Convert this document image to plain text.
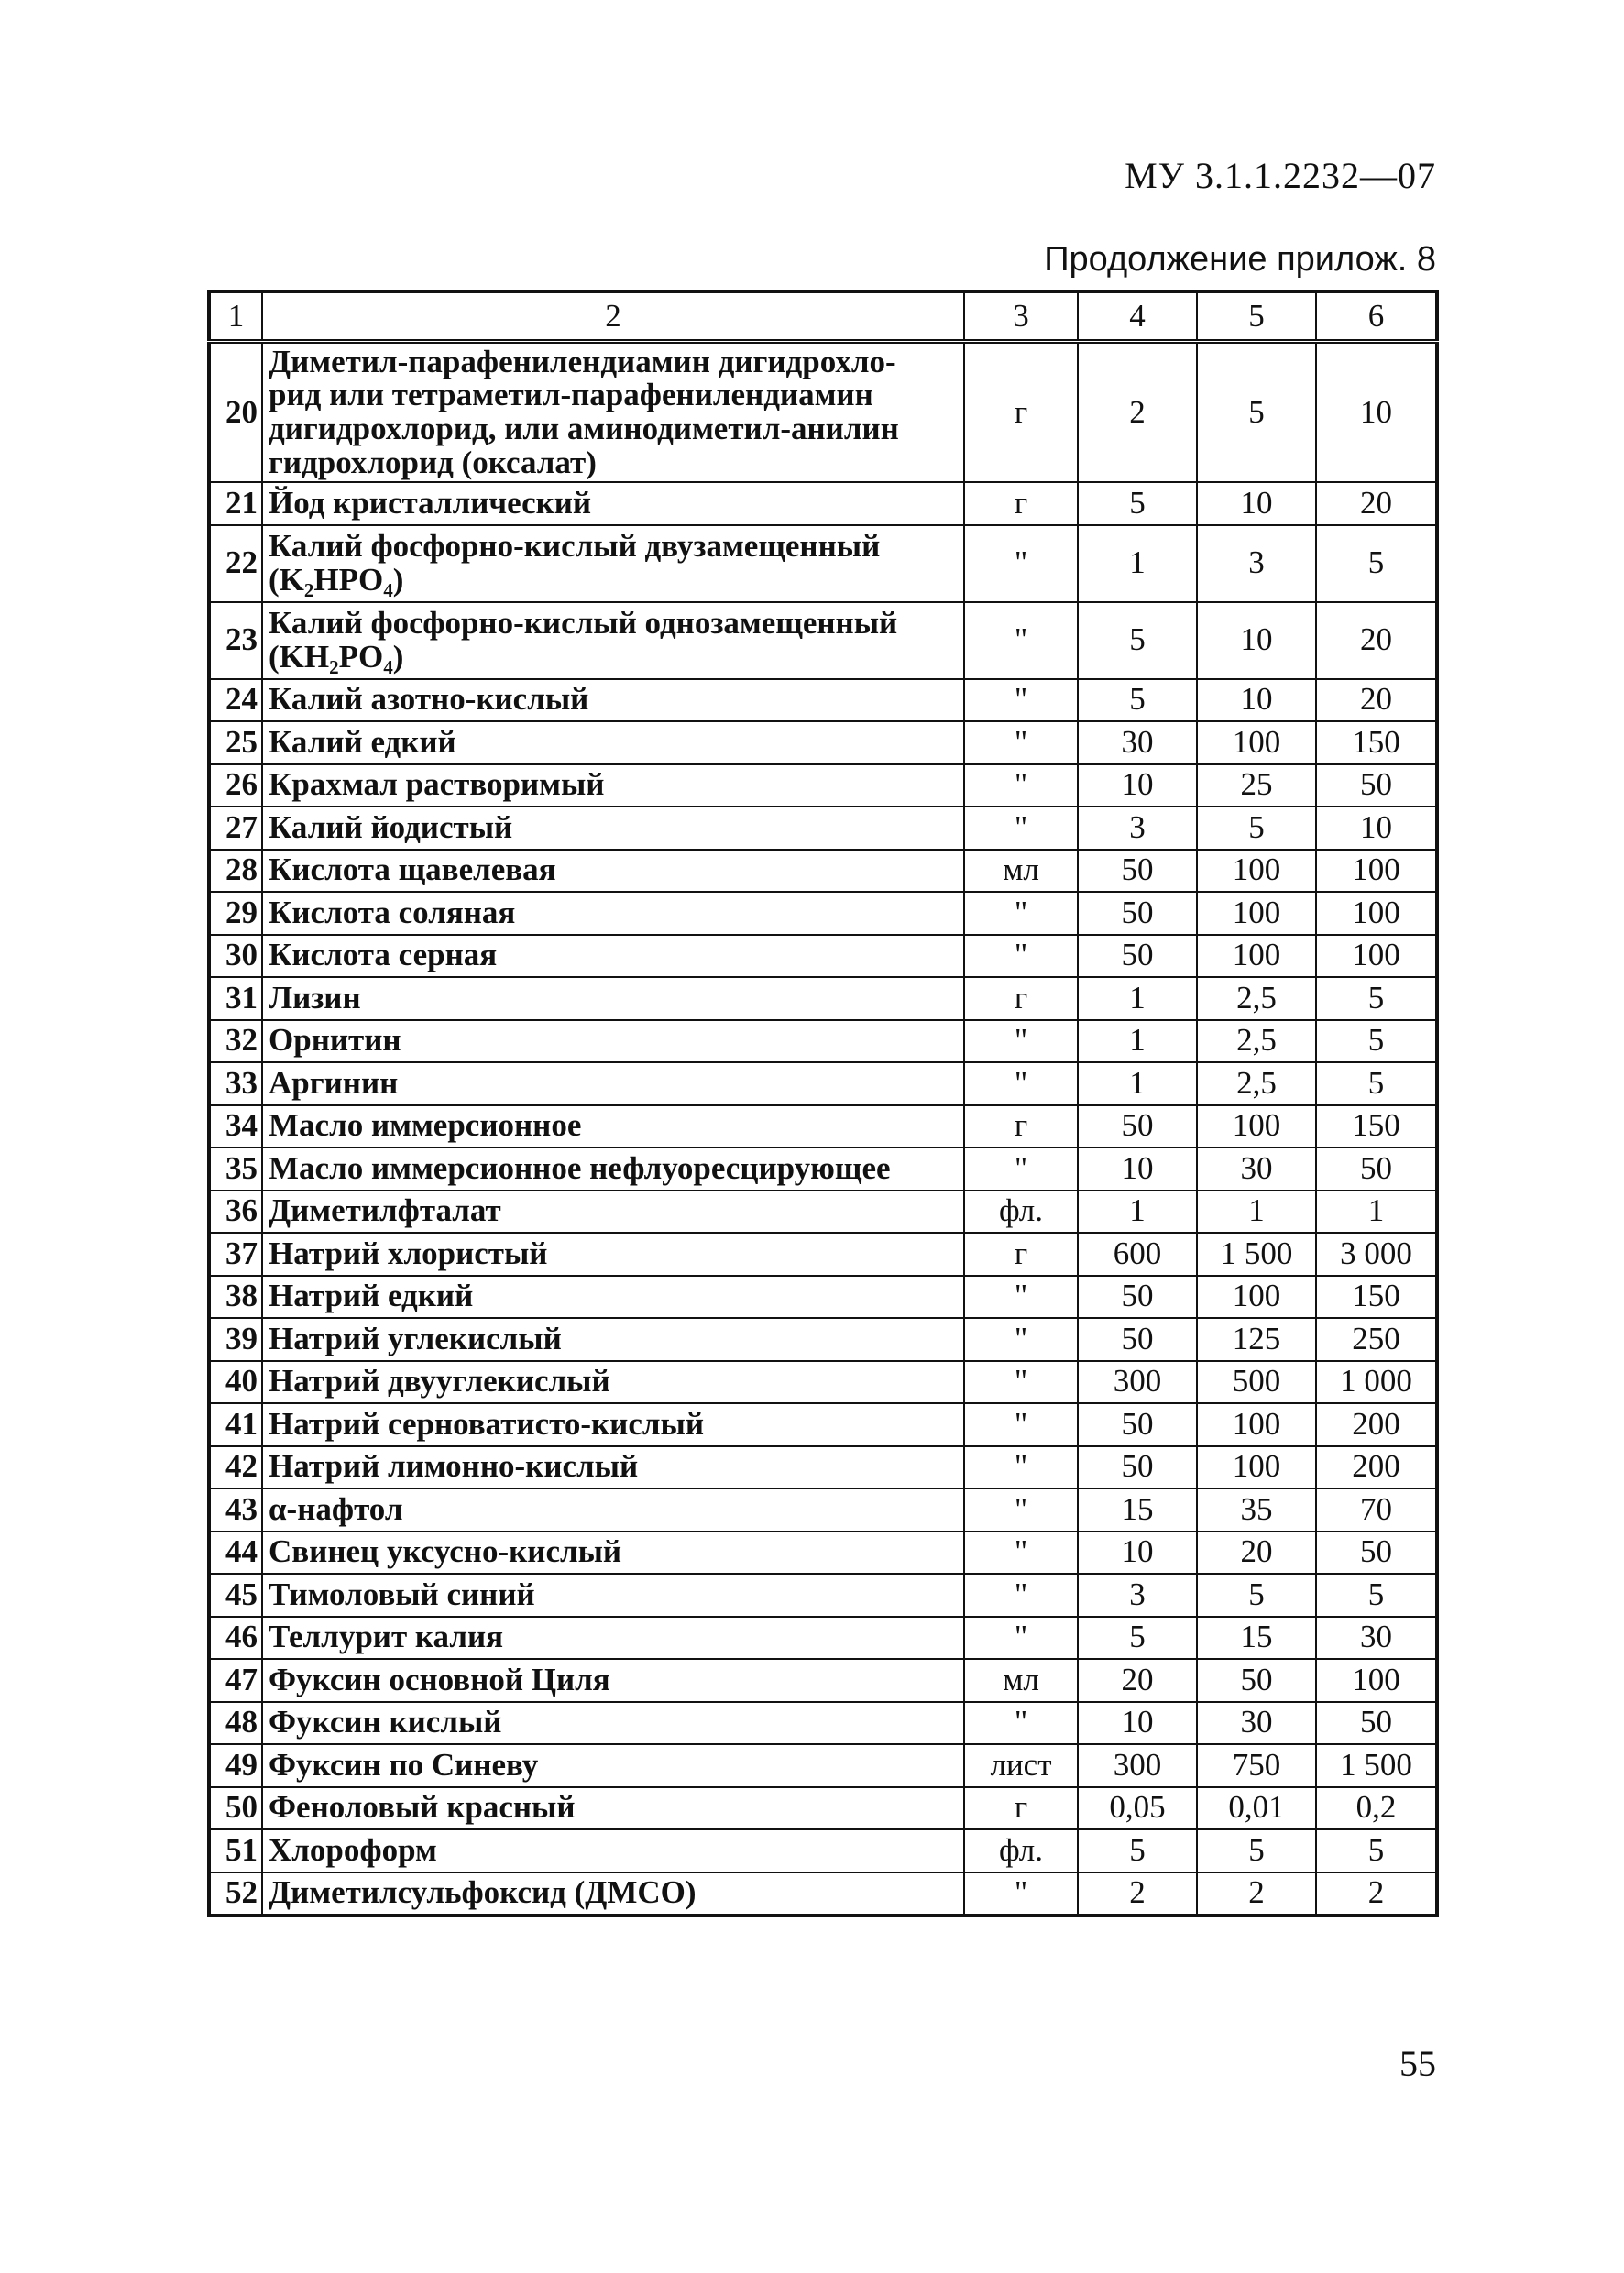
МУ 3.1.1.2232—07
Продолжение прилож. 8
1	2	3	4	5	6
20	Диметил-парафенилендиамин дигидрохло-
рид или тетраметил-парафенилендиамин
дигидрохлорид, или аминодиметил-анилин
гидрохлорид (оксалат)	г	2	5	10
21	Йод кристаллический	г	5	10	20
22	Калий фосфорно-кислый двузамещенный
(K₂HPO₄)	"	1	3	5
23	Калий фосфорно-кислый однозамещенный
(KH₂PO₄)	"	5	10	20
24	Калий азотно-кислый	"	5	10	20
25	Калий едкий	"	30	100	150
26	Крахмал растворимый	"	10	25	50
27	Калий йодистый	"	3	5	10
28	Кислота щавелевая	мл	50	100	100
29	Кислота соляная	"	50	100	100
30	Кислота серная	"	50	100	100
31	Лизин	г	1	2,5	5
32	Орнитин	"	1	2,5	5
33	Аргинин	"	1	2,5	5
34	Масло иммерсионное	г	50	100	150
35	Масло иммерсионное нефлуоресцирующее	"	10	30	50
36	Диметилфталат	фл.	1	1	1
37	Натрий хлористый	г	600	1 500	3 000
38	Натрий едкий	"	50	100	150
39	Натрий углекислый	"	50	125	250
40	Натрий двууглекислый	"	300	500	1 000
41	Натрий серноватисто-кислый	"	50	100	200
42	Натрий лимонно-кислый	"	50	100	200
43	α-нафтол	"	15	35	70
44	Свинец уксусно-кислый	"	10	20	50
45	Тимоловый синий	"	3	5	5
46	Теллурит калия	"	5	15	30
47	Фуксин основной Циля	мл	20	50	100
48	Фуксин кислый	"	10	30	50
49	Фуксин по Синеву	лист	300	750	1 500
50	Феноловый красный	г	0,05	0,01	0,2
51	Хлороформ	фл.	5	5	5
52	Диметилсульфоксид (ДМСО)	"	2	2	2
55
